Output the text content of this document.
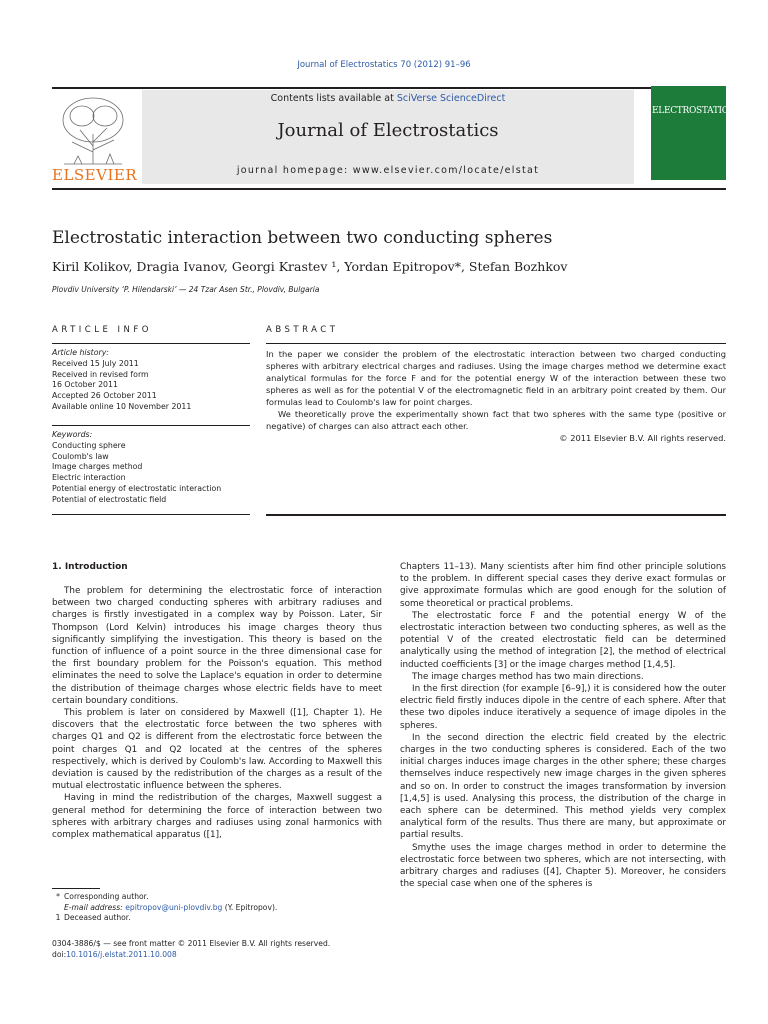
Journal of Electrostatics 70 (2012) 91–96
ELSEVIER
Contents lists available at SciVerse ScienceDirect
Journal of Electrostatics
journal homepage: www.elsevier.com/locate/elstat
ELECTROSTATICS
Electrostatic interaction between two conducting spheres
Kiril Kolikov, Dragia Ivanov, Georgi Krastev ¹, Yordan Epitropov*, Stefan Bozhkov
Plovdiv University ‘P. Hilendarski’ — 24 Tzar Asen Str., Plovdiv, Bulgaria
ARTICLE INFO
Article history:
Received 15 July 2011
Received in revised form
16 October 2011
Accepted 26 October 2011
Available online 10 November 2011
Keywords:
Conducting sphere
Coulomb's law
Image charges method
Electric interaction
Potential energy of electrostatic interaction
Potential of electrostatic field
ABSTRACT

In the paper we consider the problem of the electrostatic interaction between two charged conducting spheres with arbitrary electrical charges and radiuses. Using the image charges method we determine exact analytical formulas for the force F and for the potential energy W of the interaction between these two spheres as well as for the potential V of the electromagnetic field in an arbitrary point created by them. Our formulas lead to Coulomb's law for point charges.

We theoretically prove the experimentally shown fact that two spheres with the same type (positive or negative) of charges can also attract each other.

© 2011 Elsevier B.V. All rights reserved.
1. Introduction

The problem for determining the electrostatic force of interaction between two charged conducting spheres with arbitrary radiuses and charges is firstly investigated in a complex way by Poisson. Later, Sir Thompson (Lord Kelvin) introduces his image charges theory thus significantly simplifying the investigation. This theory is based on the function of influence of a point source in the three dimensional case for the first boundary problem for the Poisson's equation. This method eliminates the need to solve the Laplace's equation in order to determine the distribution of theimage charges whose electric fields have to meet certain boundary conditions.

This problem is later on considered by Maxwell ([1], Chapter 1). He discovers that the electrostatic force between the two spheres with charges Q1 and Q2 is different from the electrostatic force between the point charges Q1 and Q2 located at the centres of the spheres respectively, which is derived by Coulomb's law. According to Maxwell this deviation is caused by the redistribution of the charges as a result of the mutual electrostatic influence between the spheres.

Having in mind the redistribution of the charges, Maxwell suggest a general method for determining the force of interaction between two spheres with arbitrary charges and radiuses using zonal harmonics with complex mathematical apparatus ([1],

Chapters 11–13). Many scientists after him find other principle solutions to the problem. In different special cases they derive exact formulas or give approximate formulas which are good enough for the solution of some theoretical or practical problems.

The electrostatic force F and the potential energy W of the electrostatic interaction between two conducting spheres, as well as the potential V of the created electrostatic field can be determined analytically using the method of integration [2], the method of electrical inducted coefficients [3] or the image charges method [1,4,5].

The image charges method has two main directions.

In the first direction (for example [6–9],) it is considered how the outer electric field firstly induces dipole in the centre of each sphere. After that these two dipoles induce iteratively a sequence of image dipoles in the spheres.

In the second direction the electric field created by the electric charges in the two conducting spheres is considered. Each of the two initial charges induces image charges in the other sphere; these charges themselves induce respectively new image charges in the given spheres and so on. In order to construct the images transformation by inversion [1,4,5] is used. Analysing this process, the distribution of the charge in each sphere can be determined. This method yields very complex analytical form of the results. Thus there are many, but approximate or partial results.

Smythe uses the image charges method in order to determine the electrostatic force between two spheres, which are not intersecting, with arbitrary charges and radiuses ([4], Chapter 5). Moreover, he considers the special case when one of the spheres is

* Corresponding author.
E-mail address: epitropov@uni-plovdiv.bg (Y. Epitropov).
1 Deceased author.
0304-3886/$ — see front matter © 2011 Elsevier B.V. All rights reserved.
doi:10.1016/j.elstat.2011.10.008
